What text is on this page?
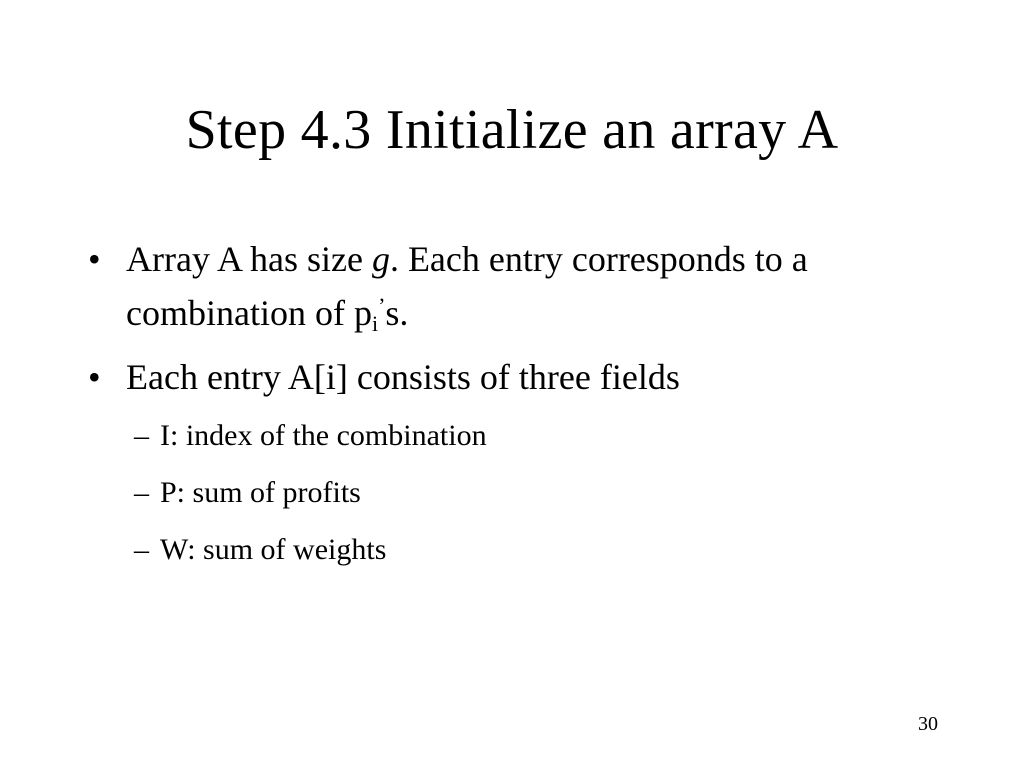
Step 4.3 Initialize an array A
• Array A has size g. Each entry corresponds to a combination of $p_i^’s$.
• Each entry A[i] consists of three fields
– I: index of the combination
– P: sum of profits
– W: sum of weights
30
